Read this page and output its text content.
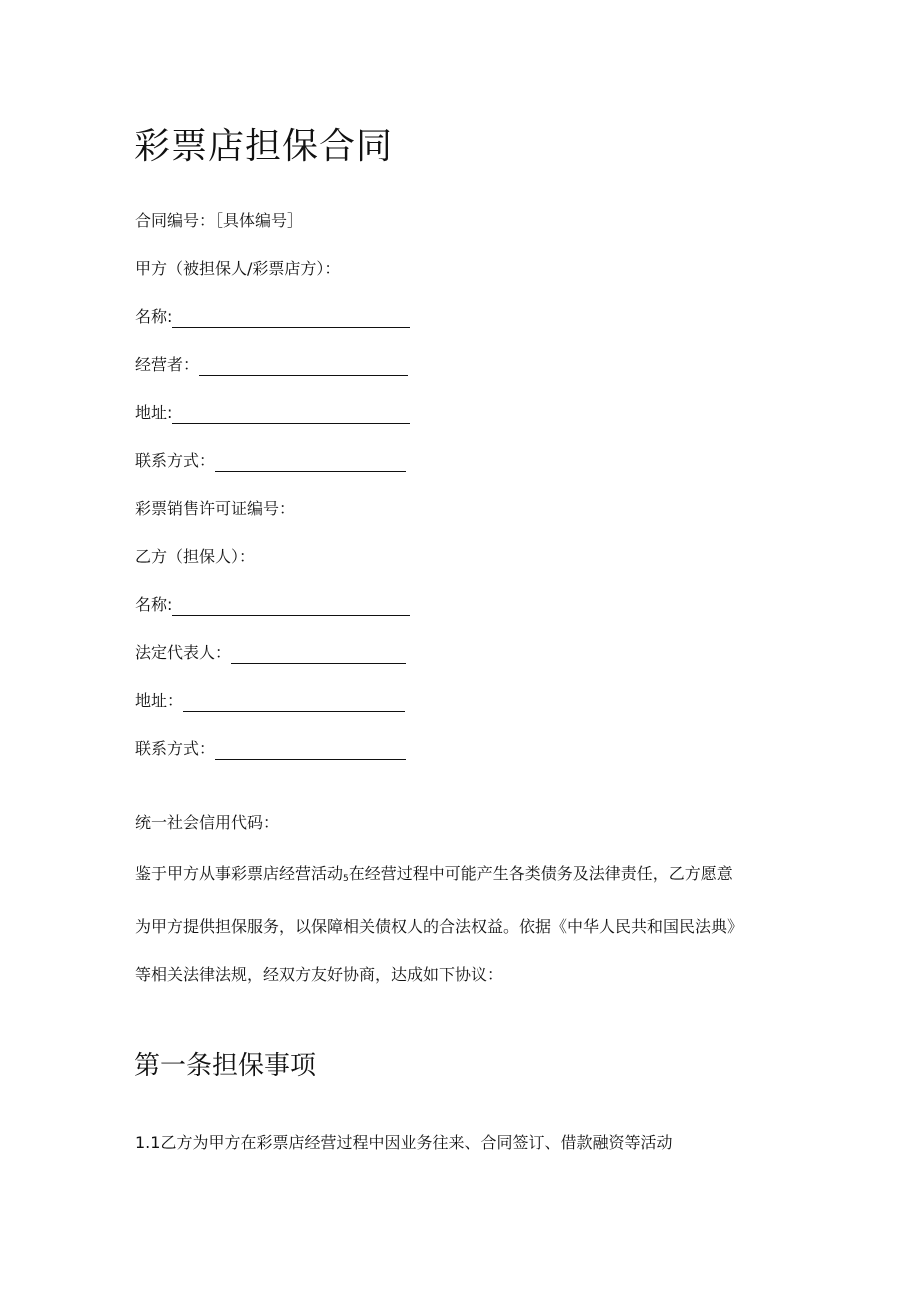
彩票店担保合同
合同编号：［具体编号］
甲方（被担保人/彩票店方）：
名称:
经营者：
地址:
联系方式：
彩票销售许可证编号：
乙方（担保人）：
名称:
法定代表人：
地址：
联系方式：
统一社会信用代码：
鉴于甲方从事彩票店经营活动5在经营过程中可能产生各类债务及法律责任，乙方愿意
为甲方提供担保服务，以保障相关债权人的合法权益。依据《中华人民共和国民法典》
等相关法律法规，经双方友好协商，达成如下协议：
第一条担保事项
1.1乙方为甲方在彩票店经营过程中因业务往来、合同签订、借款融资等活动
